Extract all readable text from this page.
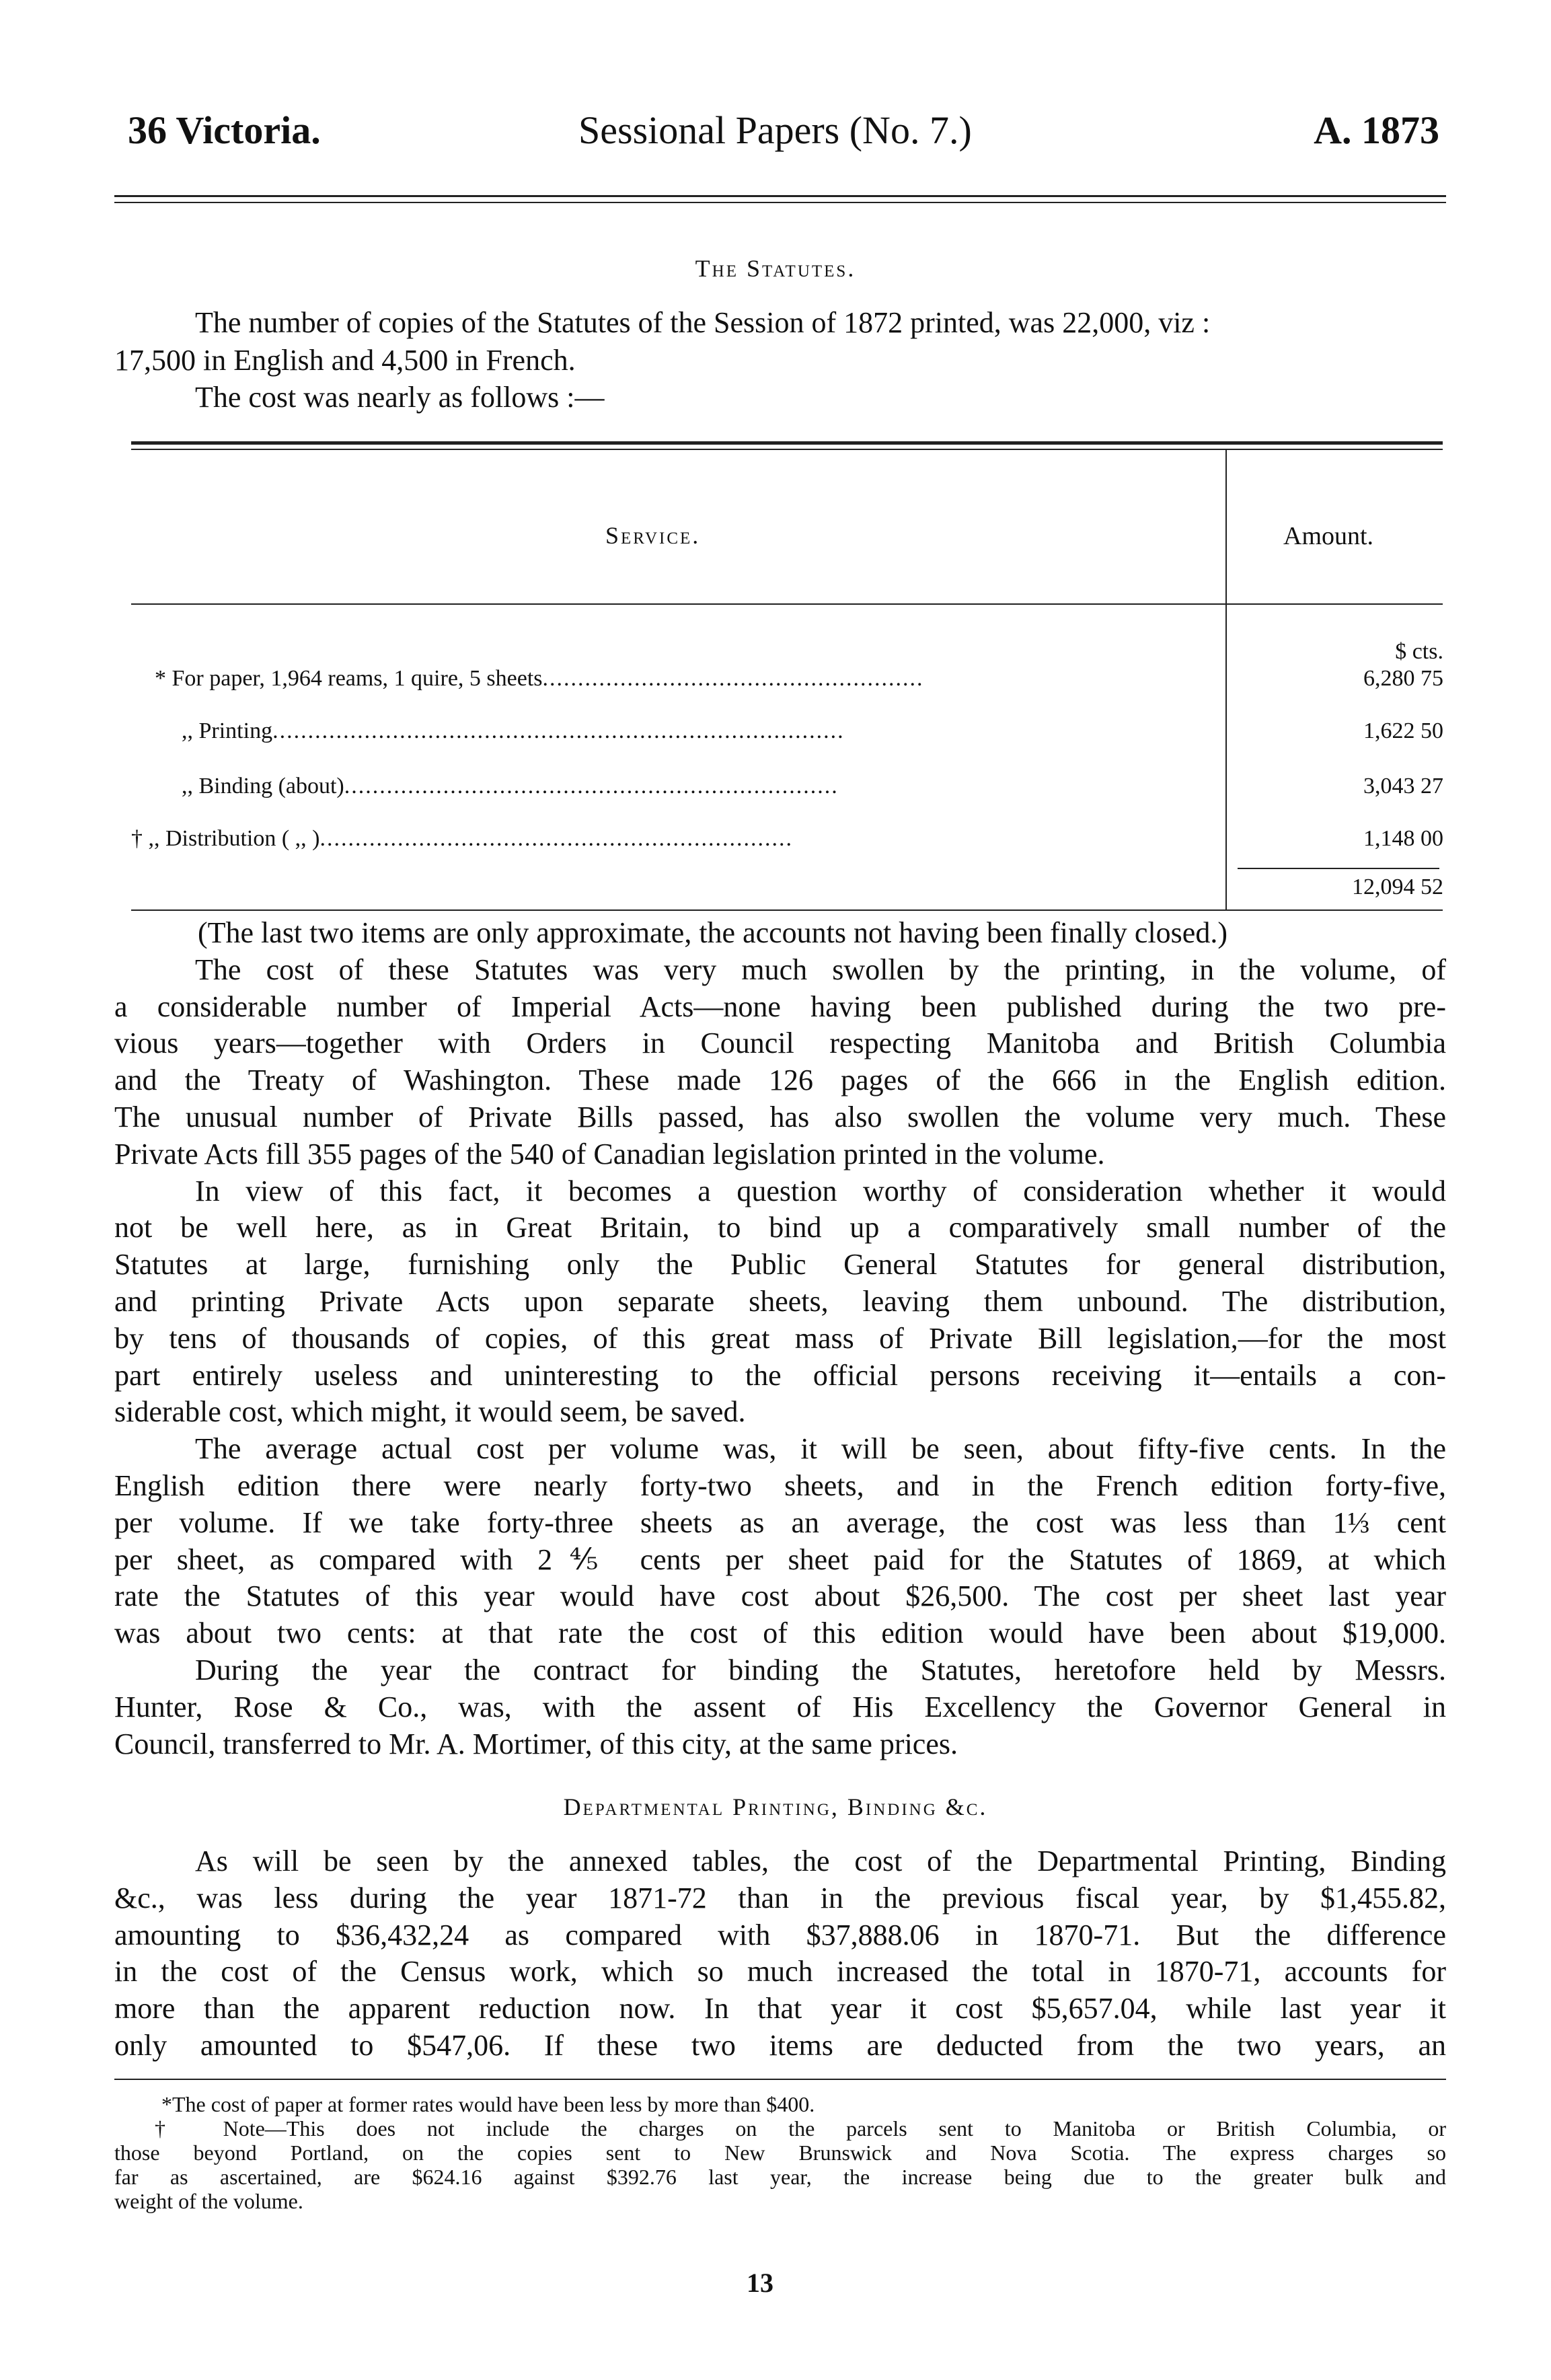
36 Victoria.	Sessional Papers (No. 7.)	A. 1873
The Statutes.
The number of copies of the Statutes of the Session of 1872 printed, was 22,000, viz :
17,500 in English and 4,500 in French.
The cost was nearly as follows :—
Service.	Amount.
$ cts.
* For paper, 1,964 reams, 1 quire, 5 sheets......................................................	6,280 75
,, Printing.................................................................................	1,622 50
,, Binding (about)......................................................................	3,043 27
† ,, Distribution ( ,, )...................................................................	1,148 00
12,094 52
(The last two items are only approximate, the accounts not having been finally closed.)
The cost of these Statutes was very much swollen by the printing, in the volume, of
a considerable number of Imperial Acts—none having been published during the two pre-
vious years—together with Orders in Council respecting Manitoba and British Columbia
and the Treaty of Washington. These made 126 pages of the 666 in the English edition.
The unusual number of Private Bills passed, has also swollen the volume very much. These
Private Acts fill 355 pages of the 540 of Canadian legislation printed in the volume.
In view of this fact, it becomes a question worthy of consideration whether it would
not be well here, as in Great Britain, to bind up a comparatively small number of the
Statutes at large, furnishing only the Public General Statutes for general distribution,
and printing Private Acts upon separate sheets, leaving them unbound. The distribution,
by tens of thousands of copies, of this great mass of Private Bill legislation,—for the most
part entirely useless and uninteresting to the official persons receiving it—entails a con-
siderable cost, which might, it would seem, be saved.
The average actual cost per volume was, it will be seen, about fifty-five cents. In the
English edition there were nearly forty-two sheets, and in the French edition forty-five,
per volume. If we take forty-three sheets as an average, the cost was less than 1⅓ cent
per sheet, as compared with 2⅘ cents per sheet paid for the Statutes of 1869, at which
rate the Statutes of this year would have cost about $26,500. The cost per sheet last year
was about two cents: at that rate the cost of this edition would have been about $19,000.
During the year the contract for binding the Statutes, heretofore held by Messrs.
Hunter, Rose & Co., was, with the assent of His Excellency the Governor General in
Council, transferred to Mr. A. Mortimer, of this city, at the same prices.
Departmental Printing, Binding &c.
As will be seen by the annexed tables, the cost of the Departmental Printing, Binding
&c., was less during the year 1871-72 than in the previous fiscal year, by $1,455.82,
amounting to $36,432,24 as compared with $37,888.06 in 1870-71. But the difference
in the cost of the Census work, which so much increased the total in 1870-71, accounts for
more than the apparent reduction now. In that year it cost $5,657.04, while last year it
only amounted to $547,06. If these two items are deducted from the two years, an
*The cost of paper at former rates would have been less by more than $400.
† Note—This does not include the charges on the parcels sent to Manitoba or British Columbia, or
those beyond Portland, on the copies sent to New Brunswick and Nova Scotia. The express charges so
far as ascertained, are $624.16 against $392.76 last year, the increase being due to the greater bulk and
weight of the volume.
13
